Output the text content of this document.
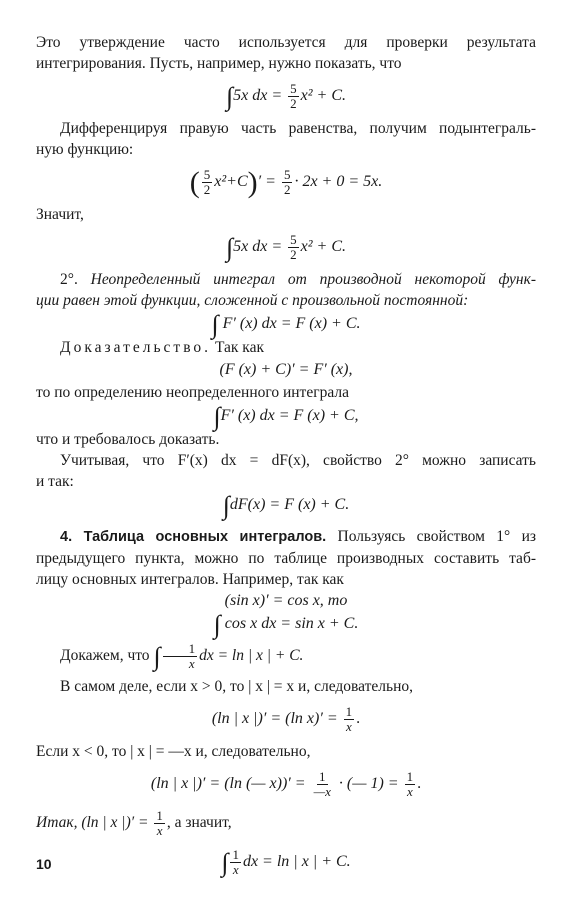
Это утверждение часто используется для проверки результата

интегрирования. Пусть, например, нужно показать, что

∫5x dx = $\frac{5}{2} x^2 + C$.

Дифференцируя правую часть равенства, получим подынтеграль-

ную функцию:

( $\frac{5}{2} x^2+C)' = \frac{5}{2} \cdot 2x + 0 = 5x$.

Значит,

∫5x dx = $\frac{5}{2} x^2 + C$.

2°. Неопределенный интеграл от производной некоторой функ-

ции равен этой функции, сложенной с произвольной постоянной:

∫ F′ (x) dx = F (x) + C.

Доказательство. Так как

(F (x) + C)′ = F′ (x),

то по определению неопределенного интеграла

∫F′ (x) dx = F (x) + C,

что и требовалось доказать.

Учитывая, что F′(x) dx = dF(x), свойство 2° можно записать

и так:

∫dF(x) = F (x) + C.

4. Таблица основных интегралов. Пользуясь свойством 1° из

предыдущего пункта, можно по таблице производных составить таб-

лицу основных интегралов. Например, так как

(sin x)′ = cos x, то
∫ cos x dx = sin x + C.

Докажем, что ∫ $\frac{1}{x}$ dx = ln | x | + C.

В самом деле, если x > 0, то | x | = x и, следовательно,

(ln | x |)′ = (ln $x)' = \frac{1}{x}$ .

Если x < 0, то | x | = —x и, следовательно,

(ln | x |)′ = (ln (— $x))' = \frac{1}{—x}$ · (— $1) = \frac{1}{x}$ .

Итак, (ln | x |)′ = $\frac{1}{x}$ , а значит,

∫ $\frac{1}{x}$ dx = ln | x | + C.
10
